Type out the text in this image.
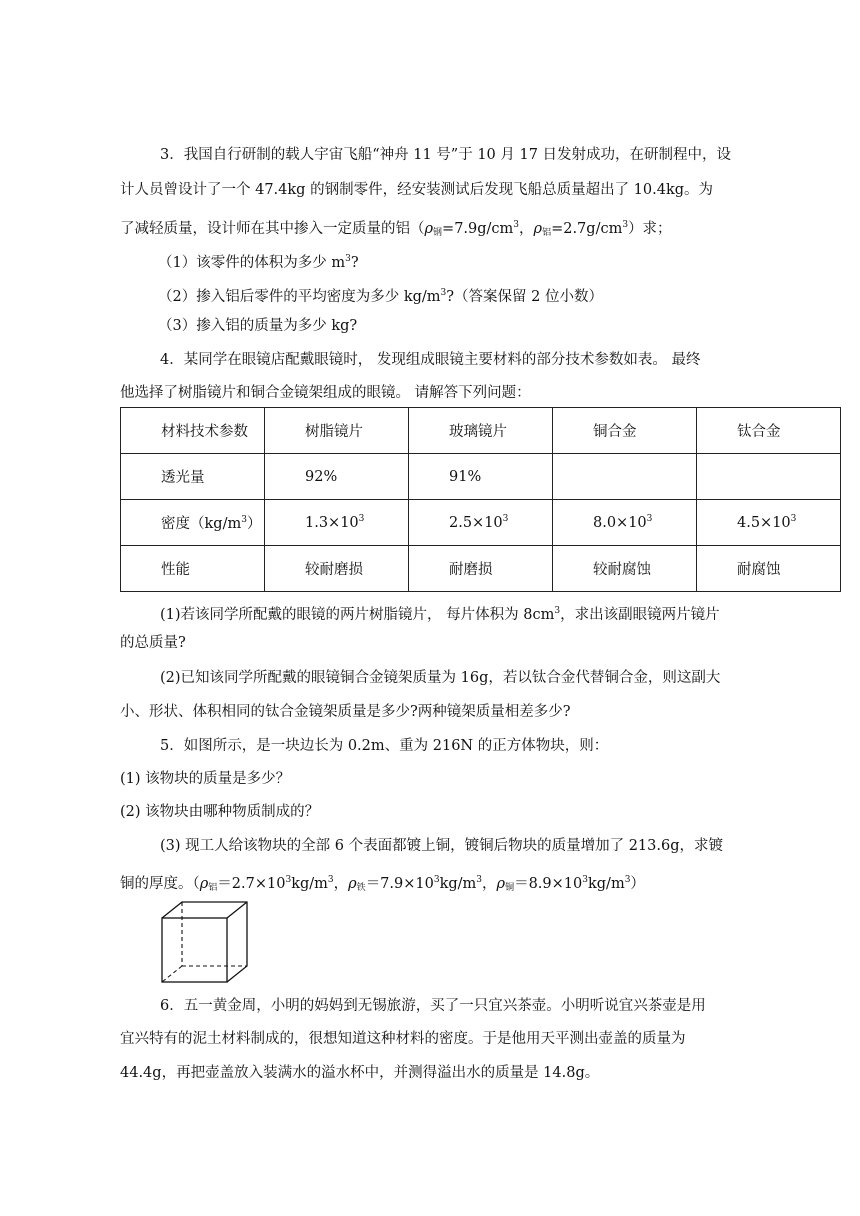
3．我国自行研制的载人宇宙飞船“神舟 11 号”于 10 月 17 日发射成功，在研制程中，设
计人员曾设计了一个 47.4kg 的钢制零件，经安装测试后发现飞船总质量超出了 10.4kg。为
了减轻质量，设计师在其中掺入一定质量的铝（$\rho_钢=7.9g/cm^3$，$\rho_铝=2.7g/cm^3$）求；
（1）该零件的体积为多少 $m^3$?
（2）掺入铝后零件的平均密度为多少 $kg/m^3$?（答案保留 2 位小数）
（3）掺入铝的质量为多少 kg?
4．某同学在眼镜店配戴眼镜时， 发现组成眼镜主要材料的部分技术参数如表。 最终
他选择了树脂镜片和铜合金镜架组成的眼镜。 请解答下列问题：
材料技术参数	树脂镜片	玻璃镜片	铜合金	钛合金
透光量	92%	91%		
密度$(kg/m^3)$	$1.3\times 10^3$	$2.5\times 10^3$	$8.0\times 10^3$	$4.5\times 10^3$
性能	较耐磨损	耐磨损	较耐腐蚀	耐腐蚀
(1)若该同学所配戴的眼镜的两片树脂镜片， 每片体积为 $8cm^3$，求出该副眼镜两片镜片
的总质量?
(2)已知该同学所配戴的眼镜铜合金镜架质量为 16g，若以钛合金代替铜合金，则这副大
小、形状、体积相同的钛合金镜架质量是多少?两种镜架质量相差多少?
5．如图所示，是一块边长为 0.2m、重为 216N 的正方体物块，则：
(1) 该物块的质量是多少？
(2) 该物块由哪种物质制成的？
(3) 现工人给该物块的全部 6 个表面都镀上铜，镀铜后物块的质量增加了 213.6g，求镀
铜的厚度。（$\rho_铝=2.7\times 10^3kg/m^3$，$\rho_铁=7.9\times 10^3kg/m^3$，$\rho_铜=8.9\times 10^3kg/m^3$）
6．五一黄金周，小明的妈妈到无锡旅游，买了一只宜兴茶壶。小明听说宜兴茶壶是用
宜兴特有的泥土材料制成的，很想知道这种材料的密度。于是他用天平测出壶盖的质量为
44.4g，再把壶盖放入装满水的溢水杯中，并测得溢出水的质量是 14.8g。
